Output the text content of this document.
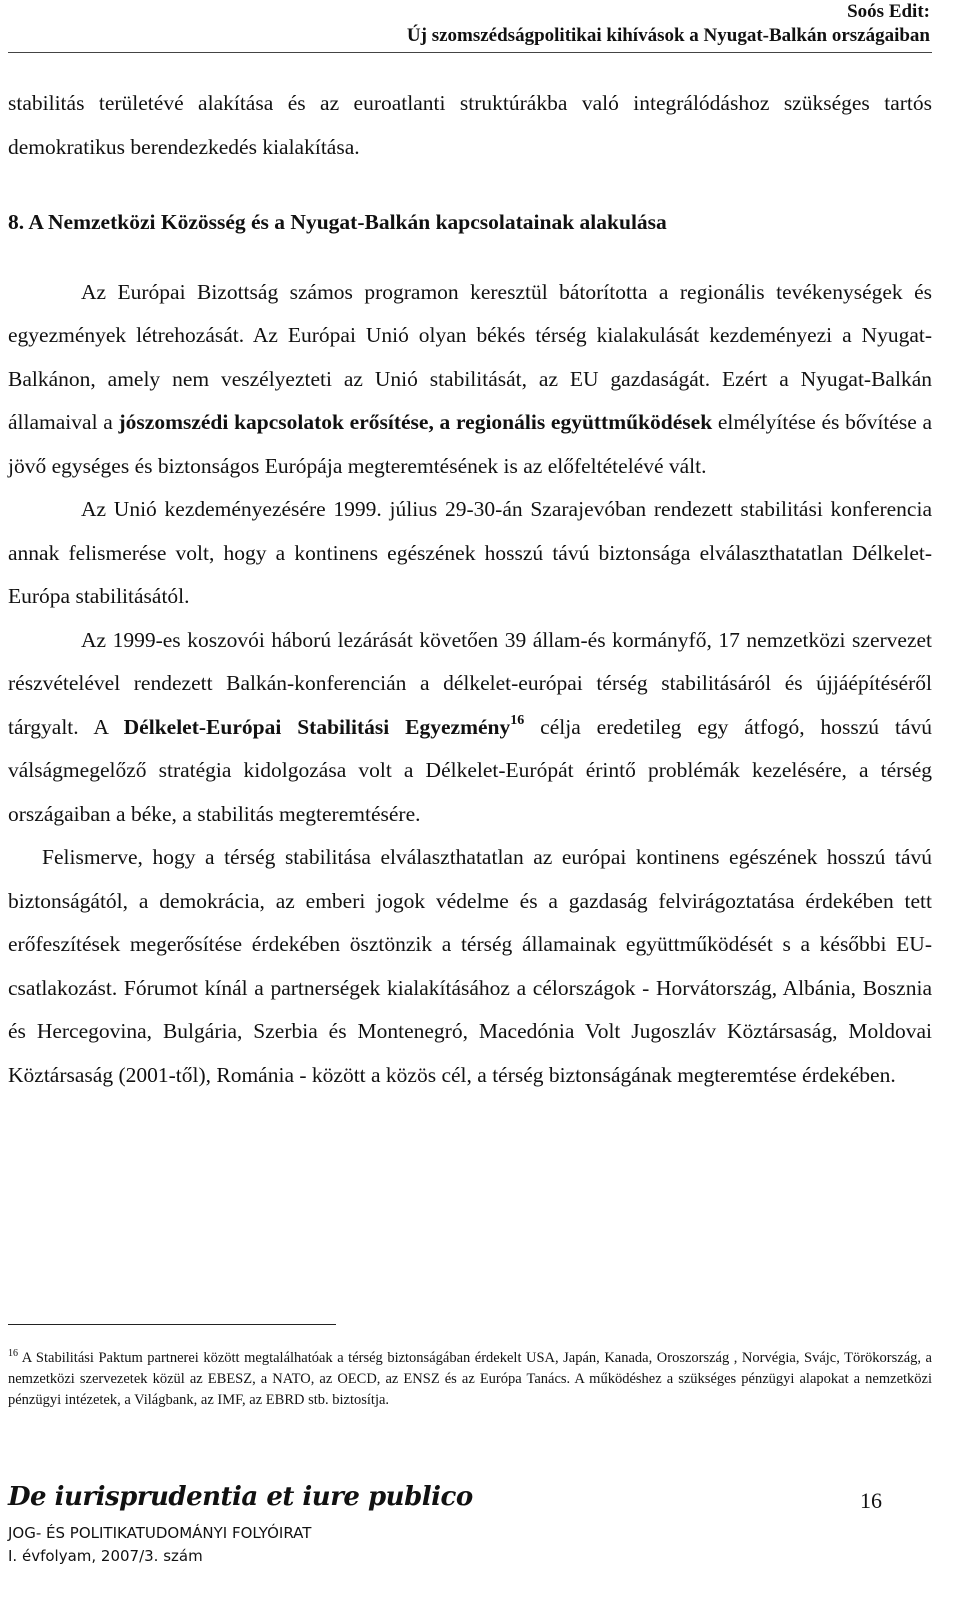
Soós Edit:
Új szomszédságpolitikai kihívások a Nyugat-Balkán országaiban

stabilitás területévé alakítása és az euroatlanti struktúrákba való integrálódáshoz szükséges tartós demokratikus berendezkedés kialakítása.

8. A Nemzetközi Közösség és a Nyugat-Balkán kapcsolatainak alakulása

Az Európai Bizottság számos programon keresztül bátorította a regionális tevékenységek és egyezmények létrehozását. Az Európai Unió olyan békés térség kialakulását kezdeményezi a Nyugat-Balkánon, amely nem veszélyezteti az Unió stabilitását, az EU gazdaságát. Ezért a Nyugat-Balkán államaival a jószomszédi kapcsolatok erősítése, a regionális együttműködések elmélyítése és bővítése a jövő egységes és biztonságos Európája megteremtésének is az előfeltételévé vált.

Az Unió kezdeményezésére 1999. július 29-30-án Szarajevóban rendezett stabilitási konferencia annak felismerése volt, hogy a kontinens egészének hosszú távú biztonsága elválaszthatatlan Délkelet-Európa stabilitásától.

Az 1999-es koszovói háború lezárását követően 39 állam-és kormányfő, 17 nemzetközi szervezet részvételével rendezett Balkán-konferencián a délkelet-európai térség stabilitásáról és újjáépítéséről tárgyalt. A Délkelet-Európai Stabilitási Egyezmény$^{16}$ célja eredetileg egy átfogó, hosszú távú válságmegelőző stratégia kidolgozása volt a Délkelet-Európát érintő problémák kezelésére, a térség országaiban a béke, a stabilitás megteremtésére.

Felismerve, hogy a térség stabilitása elválaszthatatlan az európai kontinens egészének hosszú távú biztonságától, a demokrácia, az emberi jogok védelme és a gazdaság felvirágoztatása érdekében tett erőfeszítések megerősítése érdekében ösztönzik a térség államainak együttműködését s a későbbi EU-csatlakozást. Fórumot kínál a partnerségek kialakításához a célországok - Horvátország, Albánia, Bosznia és Hercegovina, Bulgária, Szerbia és Montenegró, Macedónia Volt Jugoszláv Köztársaság, Moldovai Köztársaság (2001-től), Románia - között a közös cél, a térség biztonságának megteremtése érdekében.

$^{16}$ A Stabilitási Paktum partnerei között megtalálhatóak a térség biztonságában érdekelt USA, Japán, Kanada, Oroszország , Norvégia, Svájc, Törökország, a nemzetközi szervezetek közül az EBESZ, a NATO, az OECD, az ENSZ és az Európa Tanács. A működéshez a szükséges pénzügyi alapokat a nemzetközi pénzügyi intézetek, a Világbank, az IMF, az EBRD stb. biztosítja.

De iurisprudentia et iure publico
JOG- ÉS POLITIKATUDOMÁNYI FOLYÓIRAT
I. évfolyam, 2007/3. szám
16
